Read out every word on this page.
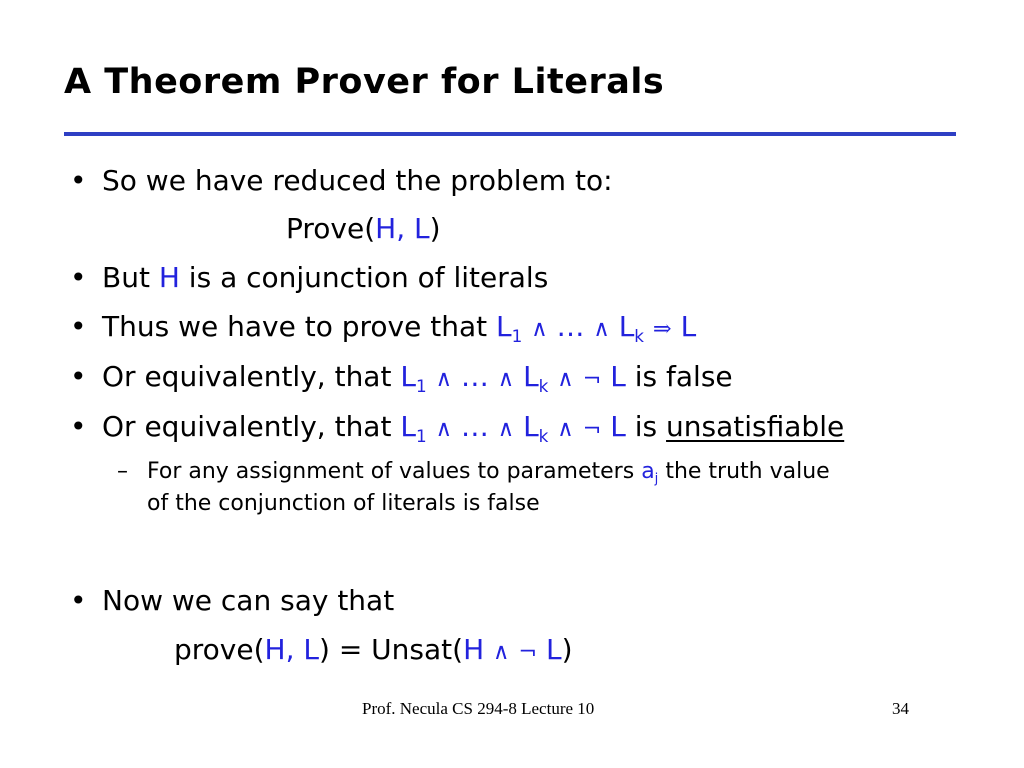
A Theorem Prover for Literals
• So we have reduced the problem to:
Prove(H, L)
• But H is a conjunction of literals
• Thus we have to prove that $L_1$ ∧ … ∧ $L_k$ ⇒ L
• Or equivalently, that $L_1$ ∧ … ∧ $L_k$ ∧ ¬ L is false
• Or equivalently, that $L_1$ ∧ … ∧ $L_k$ ∧ ¬ L is unsatisfiable
– For any assignment of values to parameters $a_j$ the truth value
of the conjunction of literals is false
• Now we can say that
prove(H, L) = Unsat(H ∧ ¬ L)
Prof. Necula CS 294-8 Lecture 10	34
